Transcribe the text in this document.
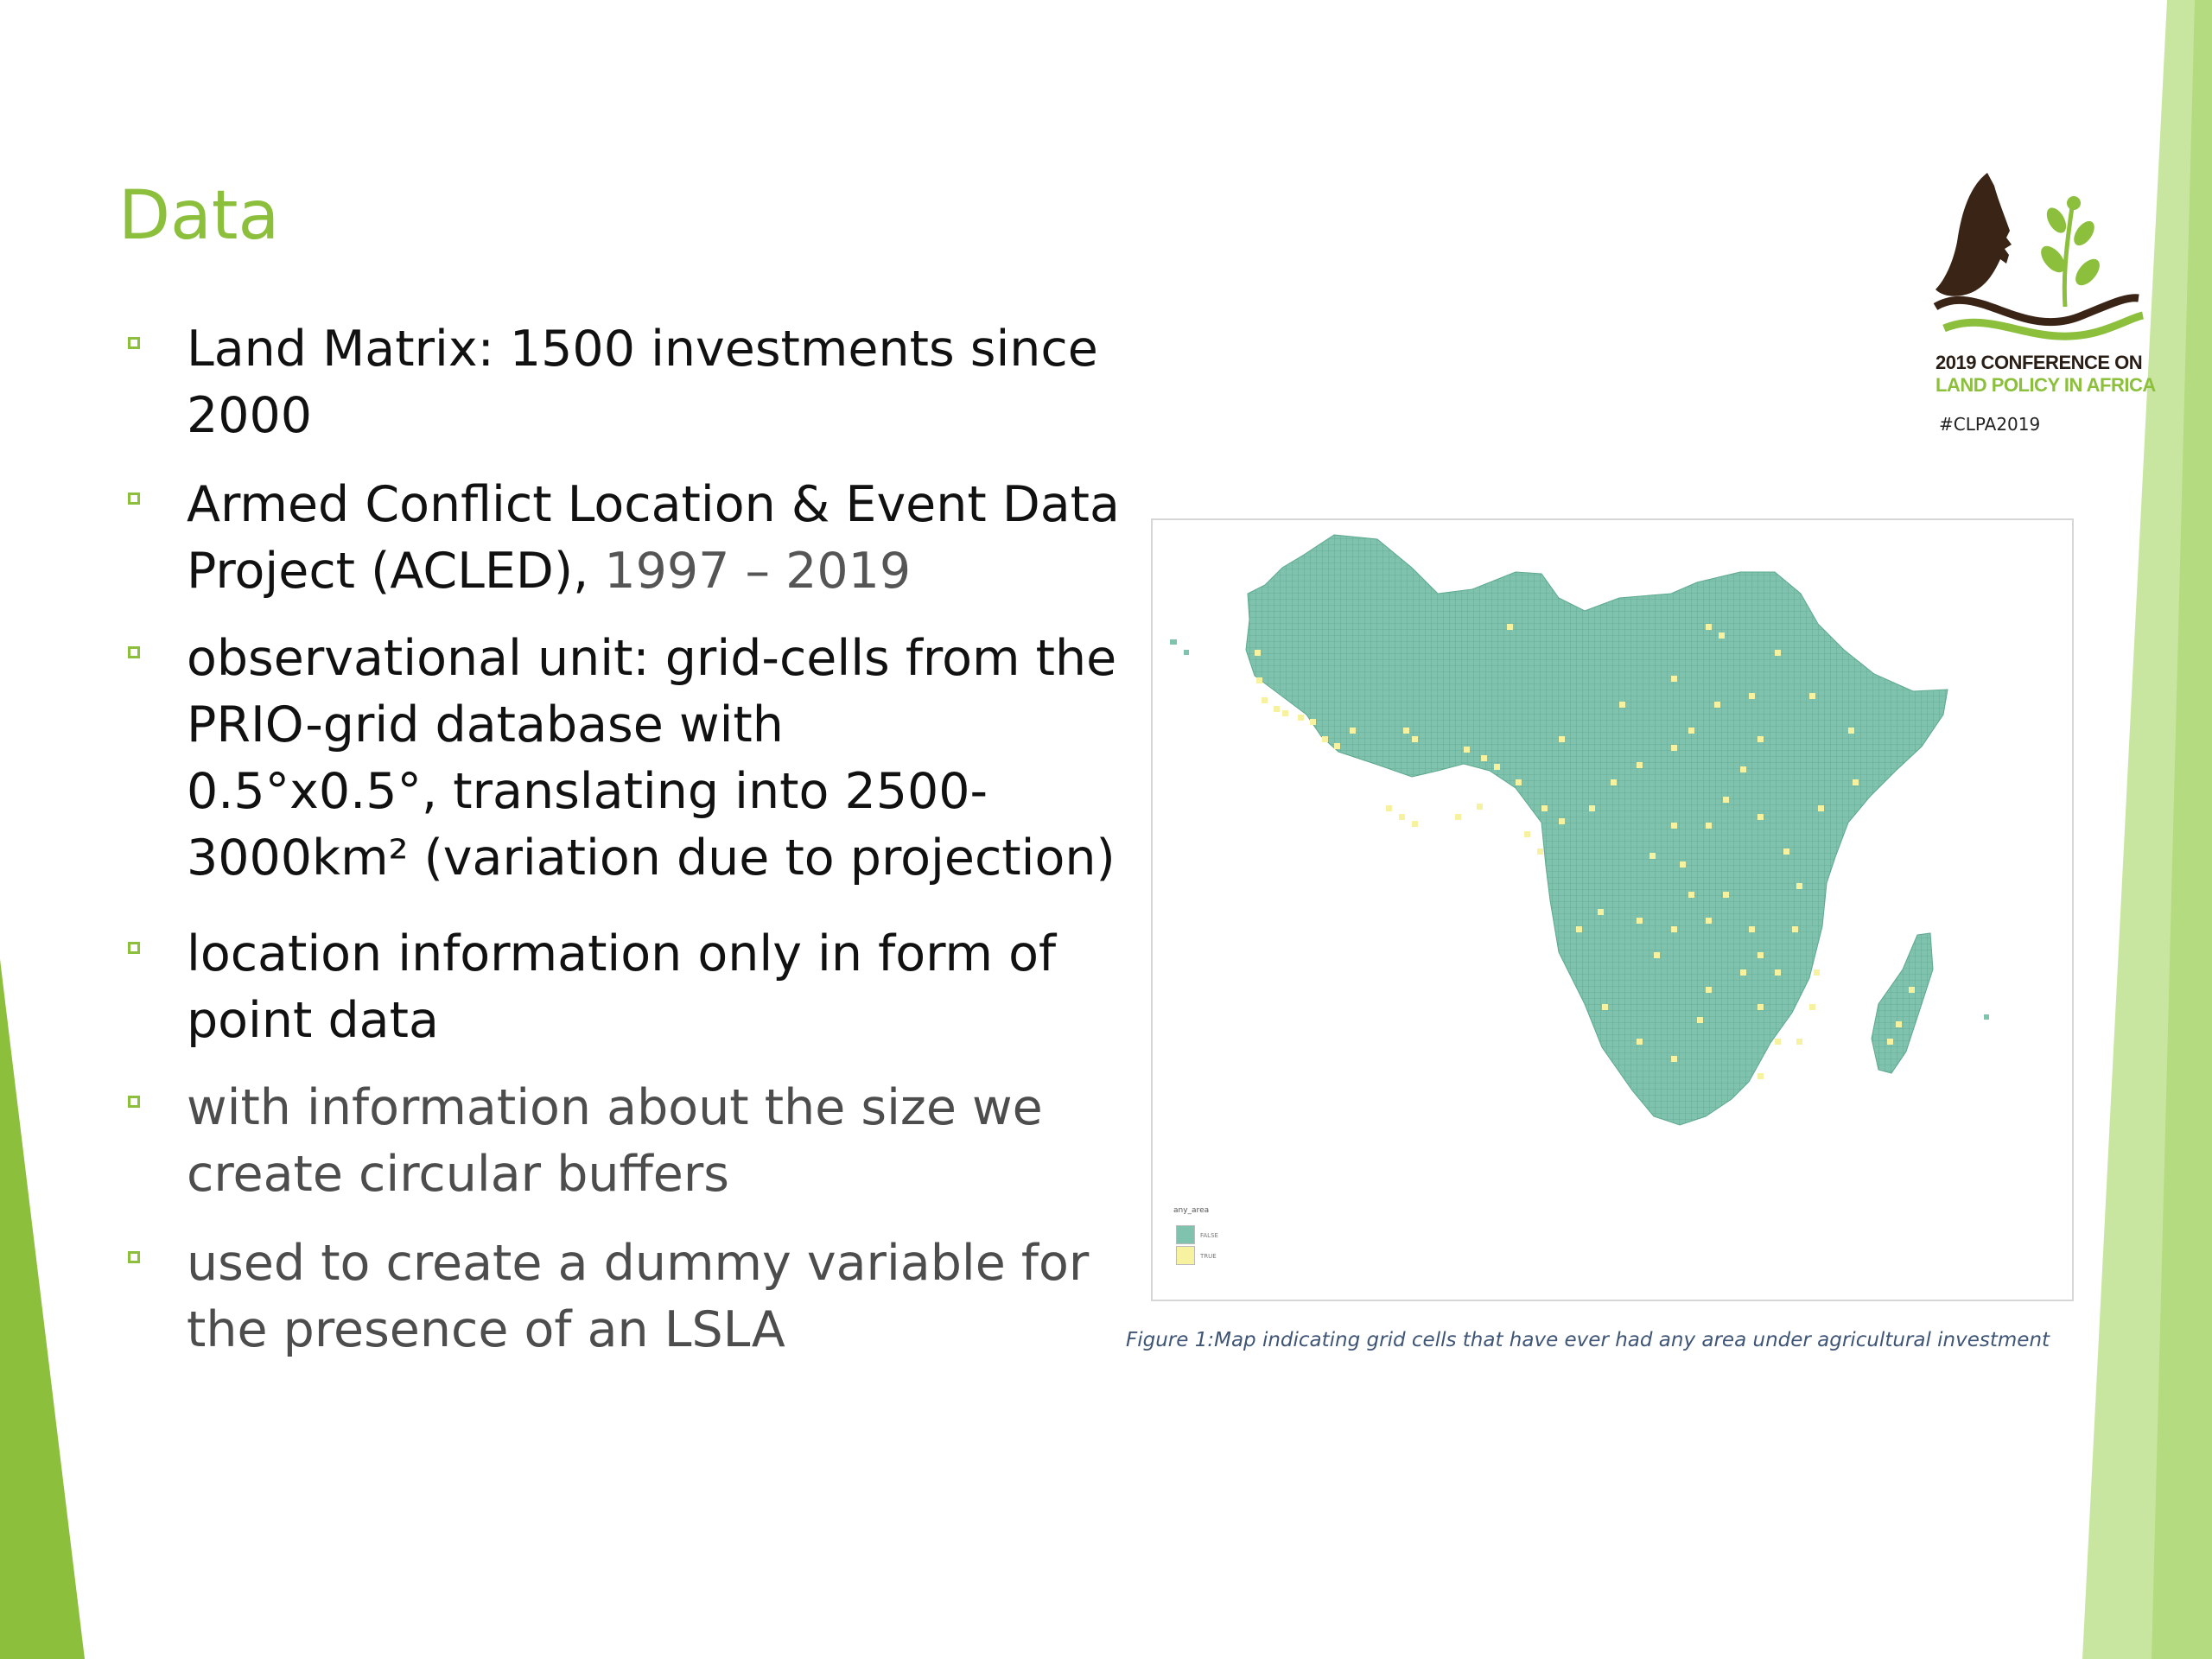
Data
Land Matrix: 1500 investments since
2000
Armed Conflict Location & Event Data
Project (ACLED), 1997 – 2019
observational unit: grid-cells from the
PRIO-grid database with
0.5°x0.5°, translating into 2500-
3000km² (variation due to projection)
location information only in form of
point data
with information about the size we
create circular buffers
used to create a dummy variable for
the presence of an LSLA
any_area
FALSE
TRUE
Figure 1:Map indicating grid cells that have ever had any area under agricultural investment
2019 CONFERENCE ON
LAND POLICY IN AFRICA
#CLPA2019
